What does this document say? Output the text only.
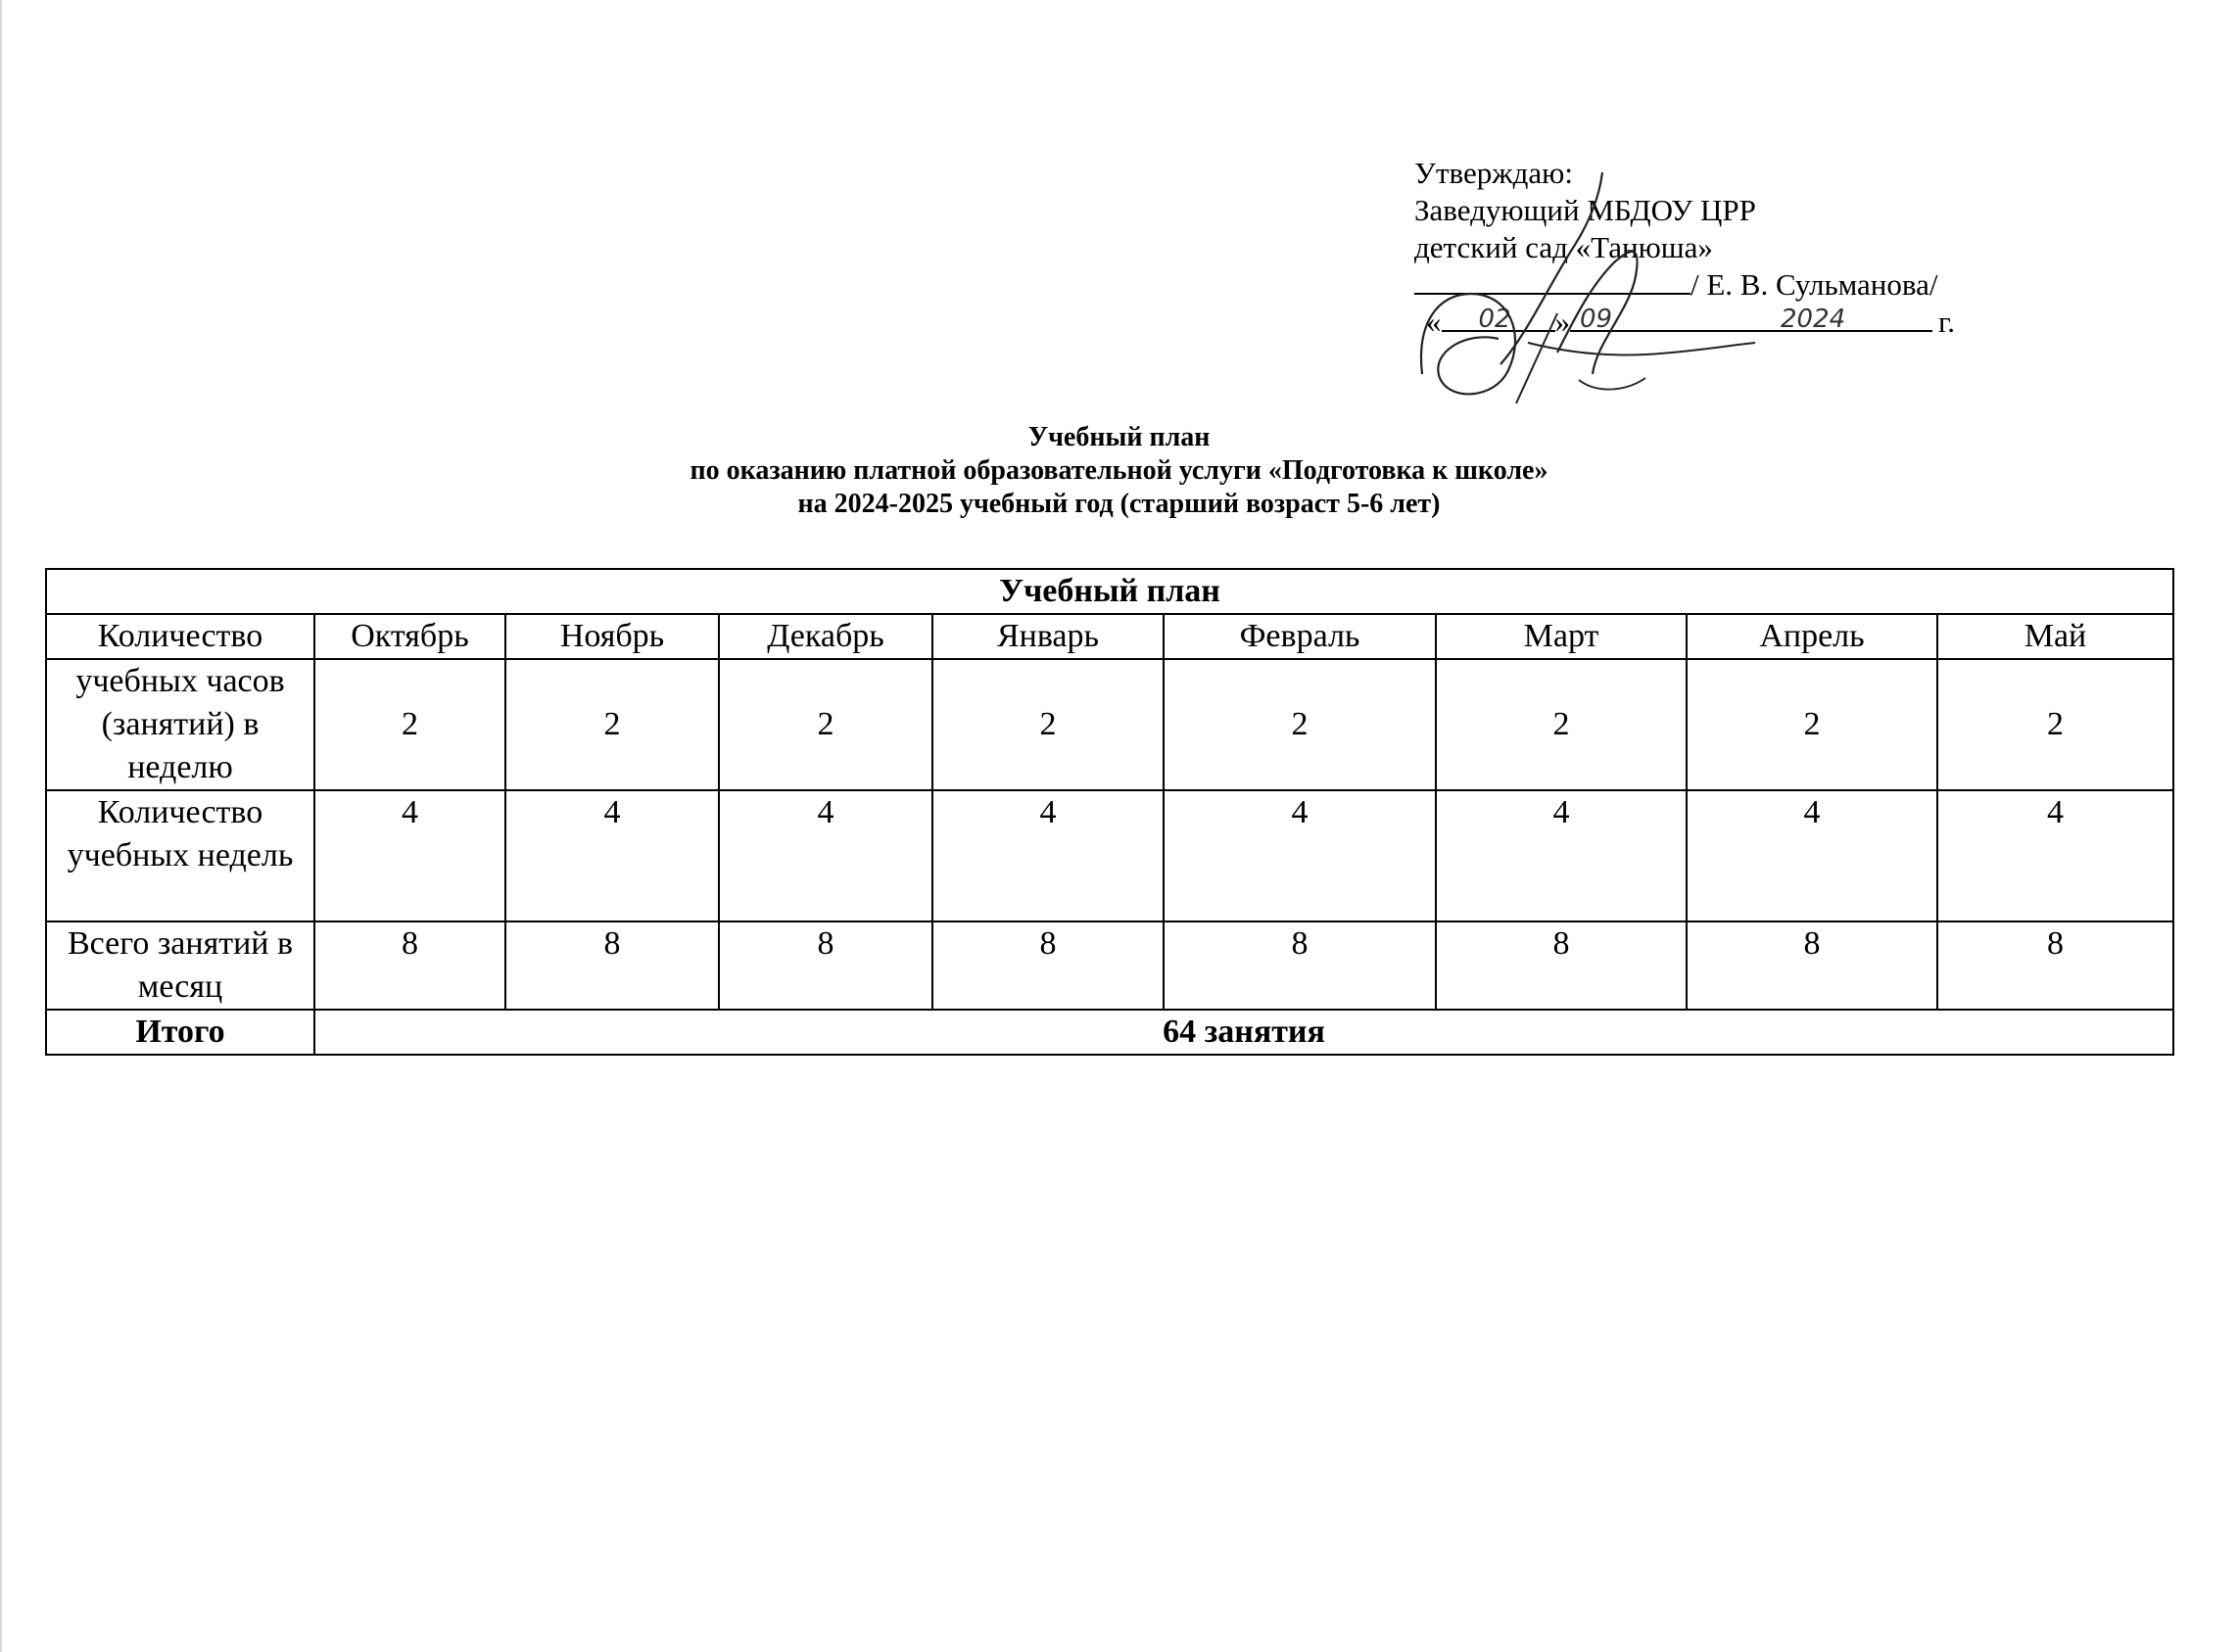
Утверждаю:
Заведующий МБДОУ ЦРР
детский сад «Танюша»
/ Е. В. Сульманова/
« 02 » 09	2024	г.
Учебный план
по оказанию платной образовательной услуги «Подготовка к школе»
на 2024-2025 учебный год (старший возраст 5-6 лет)
Учебный план								
Количество	Октябрь	Ноябрь	Декабрь	Январь	Февраль	Март	Апрель	Май
учебных часов (занятий) в неделю	2	2	2	2	2	2	2	2
Количество учебных недель	4	4	4	4	4	4	4	4
Всего занятий в месяц	8	8	8	8	8	8	8	8
Итого	64 занятия							
